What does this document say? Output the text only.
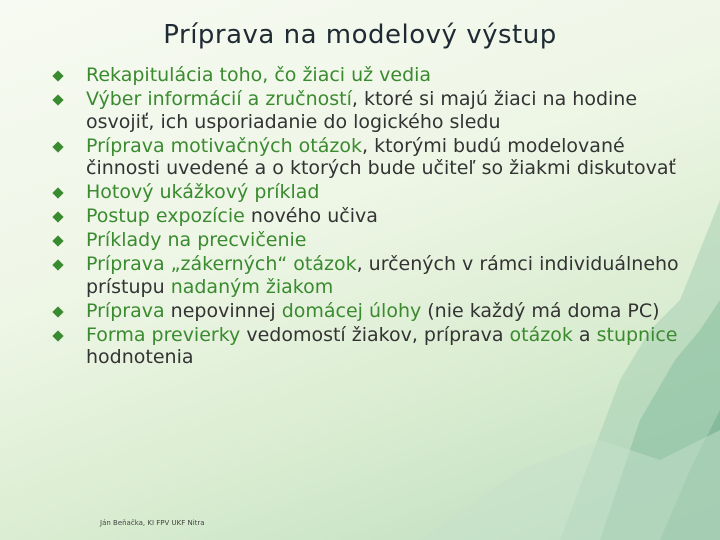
Príprava na modelový výstup
Rekapitulácia toho, čo žiaci už vedia
Výber informácií a zručností, ktoré si majú žiaci na hodine osvojiť, ich usporiadanie do logického sledu
Príprava motivačných otázok, ktorými budú modelované činnosti uvedené a o ktorých bude učiteľ so žiakmi diskutovať
Hotový ukážkový príklad
Postup expozície nového učiva
Príklady na precvičenie
Príprava „zákerných“ otázok, určených v rámci individuálneho prístupu nadaným žiakom
Príprava nepovinnej domácej úlohy (nie každý má doma PC)
Forma previerky vedomostí žiakov, príprava otázok a stupnice hodnotenia
Ján Beňačka, KI FPV UKF Nitra
